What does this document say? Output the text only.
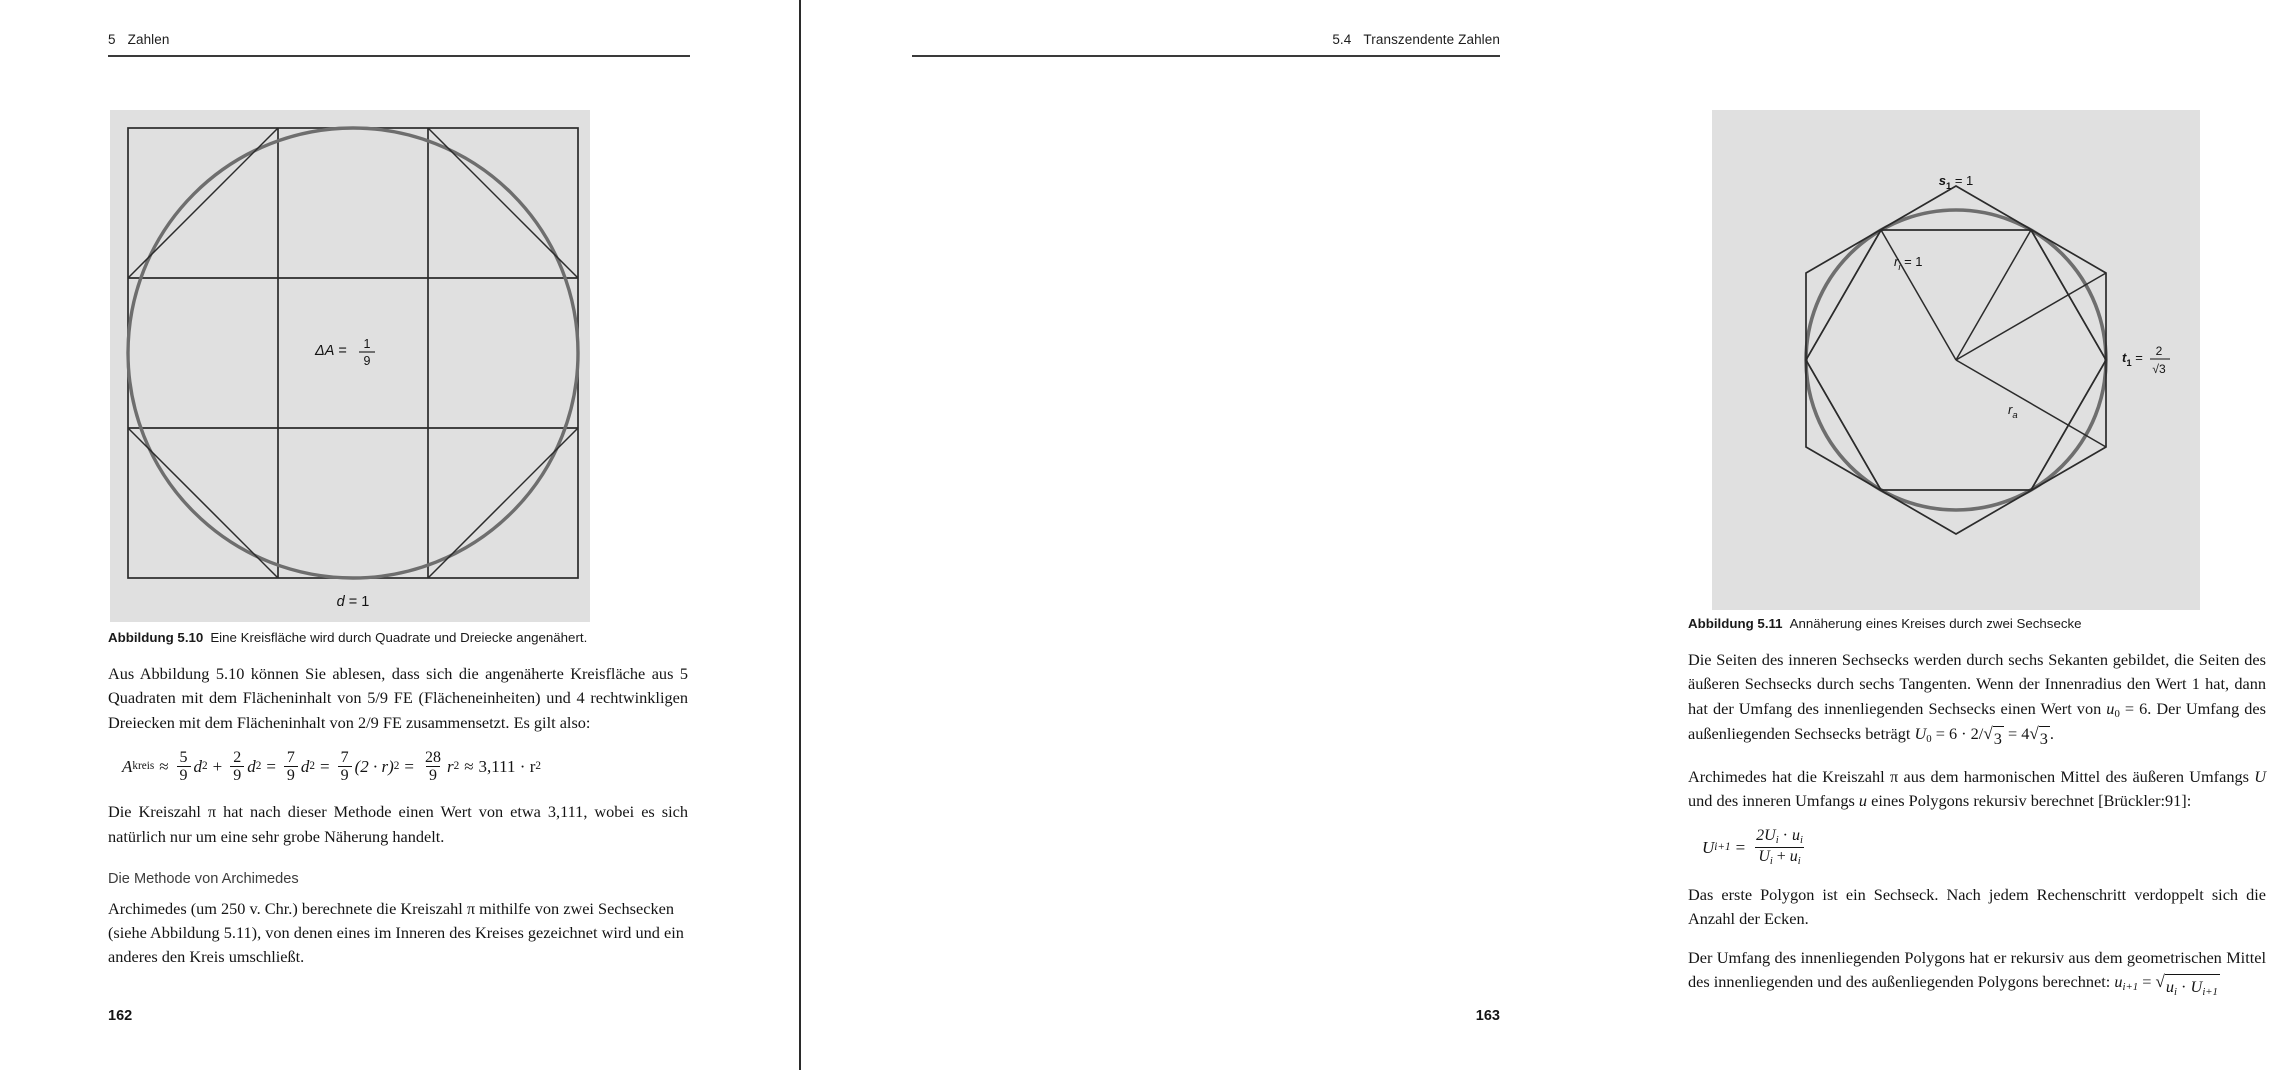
5 Zahlen
ΔA = 1
9
d = 1
Abbildung 5.10 Eine Kreisfläche wird durch Quadrate und Dreiecke angenähert.

Aus Abbildung 5.10 können Sie ablesen, dass sich die angenäherte Kreisfläche aus 5 Quadraten mit dem Flächeninhalt von 5/9 FE (Flächeneinheiten) und 4 rechtwinkligen Dreiecken mit dem Flächeninhalt von 2/9 FE zusammensetzt. Es gilt also:

A kreis ≈ $\frac{5}{9}$ d $2 + \frac{2}{9}$ d $2 = \frac{7}{9}$ d $2 = \frac{7}{9} (2 \cdot r) 2 = \frac{28}{9}$ r 2 ≈ 3,111 · r 2

Die Kreiszahl π hat nach dieser Methode einen Wert von etwa 3,111, wobei es sich natürlich nur um eine sehr grobe Näherung handelt.

Die Methode von Archimedes

Archimedes (um 250 v. Chr.) berechnete die Kreiszahl π mithilfe von zwei Sechsecken (siehe Abbildung 5.11), von denen eines im Inneren des Kreises gezeichnet wird und ein anderes den Kreis umschließt.

162
5.4 Transzendente Zahlen
$s_1 = 1$
$r_i = 1$
$r_a$
$t_1 = 2$
√3
Abbildung 5.11 Annäherung eines Kreises durch zwei Sechsecke

Die Seiten des inneren Sechsecks werden durch sechs Sekanten gebildet, die Seiten des äußeren Sechsecks durch sechs Tangenten. Wenn der Innenradius den Wert 1 hat, dann hat der Umfang des innenliegenden Sechsecks einen Wert von $u_0 = 6$. Der Umfang des außenliegenden Sechsecks beträgt $U_0 = 6 \cdot 2/$ √ 3 = 4 √ 3 .

Archimedes hat die Kreiszahl π aus dem harmonischen Mittel des äußeren Umfangs U und des inneren Umfangs u eines Polygons rekursiv berechnet [Brückler:91]:

U $i+1 = \frac{2U_i \cdot u_i}{U_i + u_i}$

Das erste Polygon ist ein Sechseck. Nach jedem Rechenschritt verdoppelt sich die Anzahl der Ecken.

Der Umfang des innenliegenden Polygons hat er rekursiv aus dem geometrischen Mittel des innenliegenden und des außenliegenden Polygons berechnet: $u_{i+1}$ = √ $u_i \cdot U_{i+1}$

163
